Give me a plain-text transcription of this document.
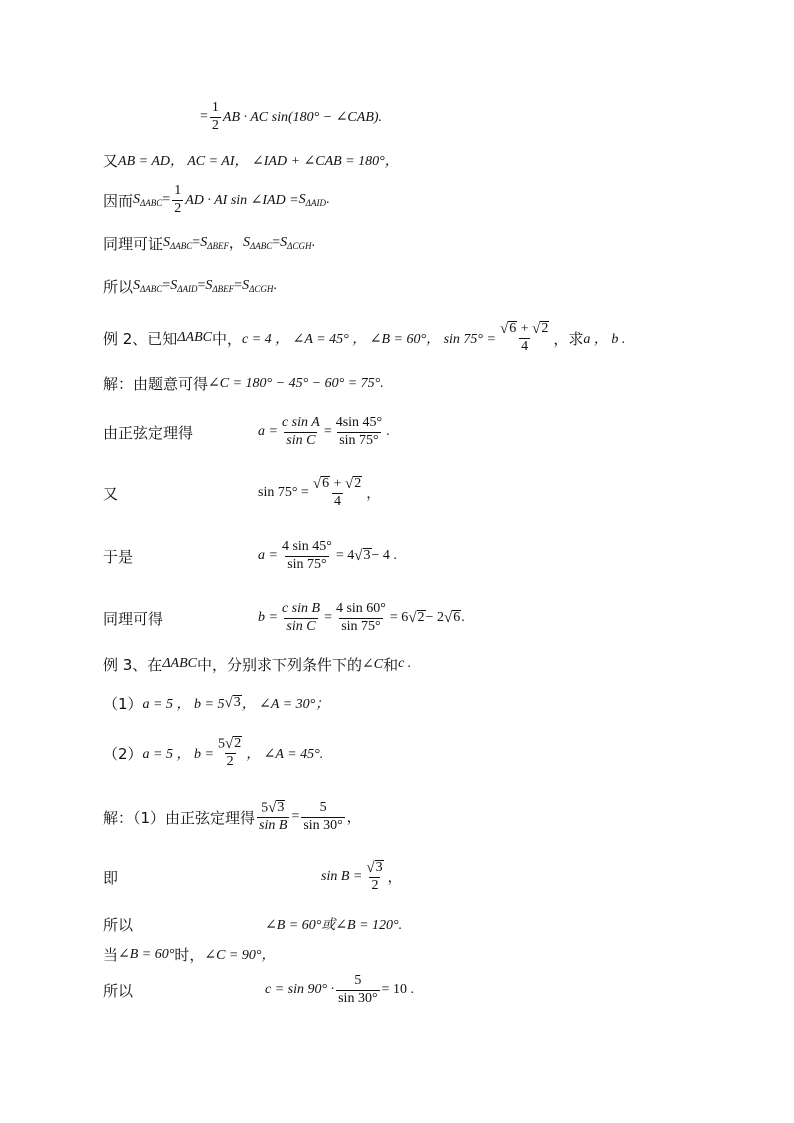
= $\frac{1}{2}$ AB · AC sin(180° − ∠CAB).
又 AB = AD， AC = AI， ∠IAD + ∠CAB = 180°，
因而 $S_{\Delta ABC} = \frac{1}{2}$ AD · AI sin ∠IAD = $S_{\Delta AID}$ .
同理可证 $S_{\Delta ABC} = S_{\Delta BEF}$ ， $S_{\Delta ABC} = S_{\Delta CGH}$ .
所以 $S_{\Delta ABC} = S_{\Delta AID} = S_{\Delta BEF} = S_{\Delta CGH}$ .
例 2、已知 ΔABC 中， c = 4 ， ∠A = 45° ， ∠B = 60°， $\sin 75^\circ = \frac{√ 6 + √ 2}{4}$ ，求 a ， b .
解：由题意可得 ∠C = 180° − 45° − 60° = 75°.
由正弦定理得	$a = \frac{\text{c sin A}}{\text{sin C}} = \frac{4\sin 45^\circ}{\sin 75^\circ}$ .
又	$\sin 75^\circ = \frac{√ 6 + √ 2}{4}$ ，
于是	$a = \frac{4 \sin 45^\circ}{\sin 75^\circ} = 4$ √ 3 − 4 .
同理可得	$b = \frac{\text{c sin B}}{\text{sin C}} = \frac{4 \sin 60^\circ}{\sin 75^\circ} = 6$ √ 2 − 2 √ 6 .
例 3、在 ΔABC 中，分别求下列条件下的 ∠C 和 c .
（1） a = 5 ， b = 5 √ 3 ， ∠A = 30°；
（2） a = 5 ， $b = \frac{5 √ 2}{2}$ ， ∠A = 45°.
解：（1）由正弦定理得 $\frac{5 √ 3}{\text{sin B}} = \frac{5}{\sin 30^\circ}$ ，
即	$\sin B = \frac{√ 3}{2}$ ，
所以	∠B = 60°或∠B = 120°.
当 ∠B = 60° 时， ∠C = 90°，
所以	$c = \sin 90^\circ \cdot \frac{5}{\sin 30^\circ} = 10$ .
